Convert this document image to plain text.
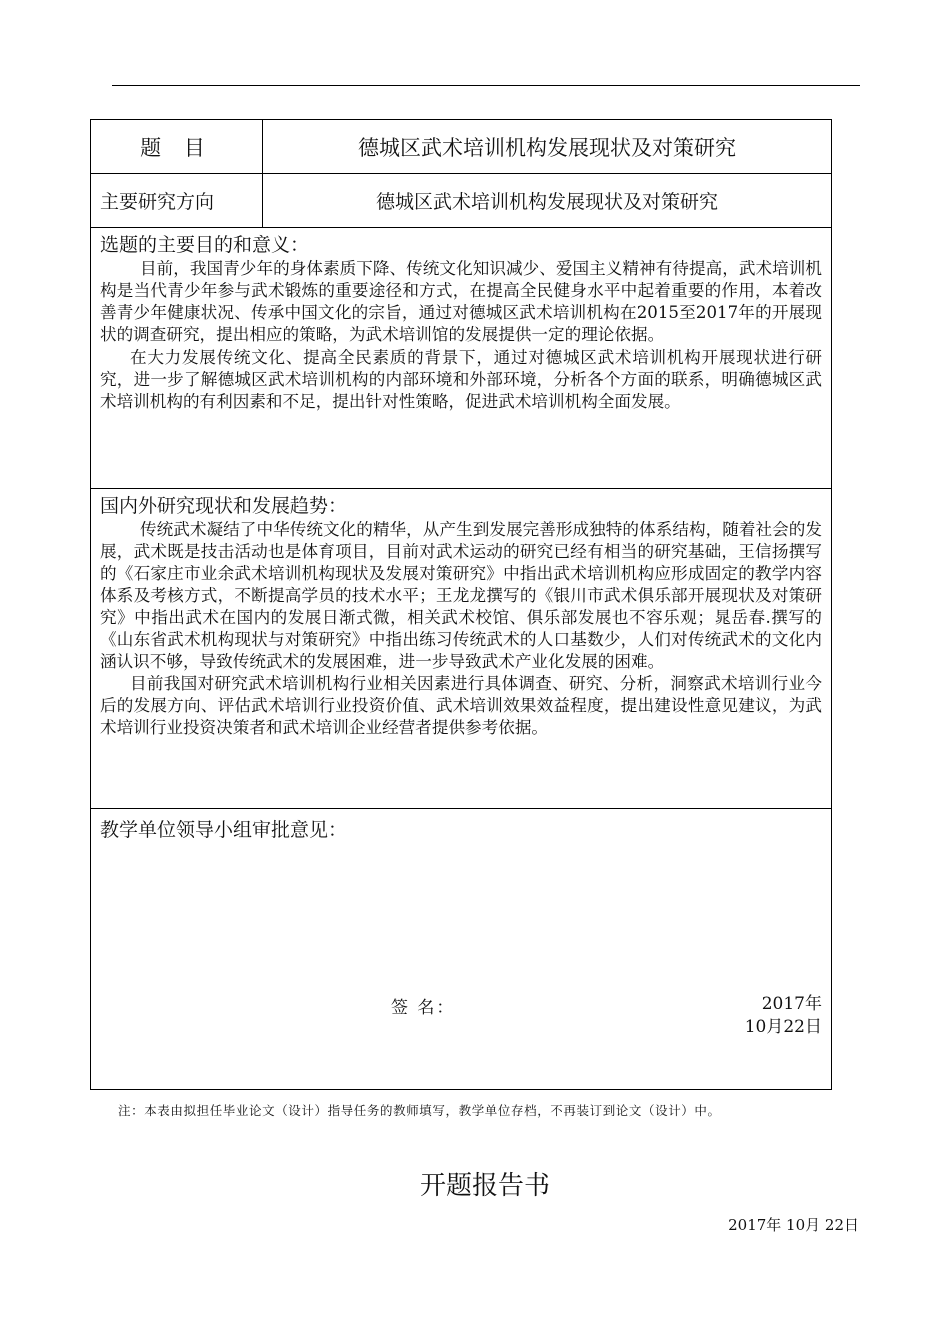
题 目	德城区武术培训机构发展现状及对策研究
主要研究方向	德城区武术培训机构发展现状及对策研究
选题的主要目的和意义：

目前，我国青少年的身体素质下降、传统文化知识减少、爱国主义精神有待提高，武术培训机构是当代青少年参与武术锻炼的重要途径和方式，在提高全民健身水平中起着重要的作用，本着改善青少年健康状况、传承中国文化的宗旨，通过对德城区武术培训机构在2015至2017年的开展现状的调查研究，提出相应的策略，为武术培训馆的发展提供一定的理论依据。

在大力发展传统文化、提高全民素质的背景下，通过对德城区武术培训机构开展现状进行研究，进一步了解德城区武术培训机构的内部环境和外部环境，分析各个方面的联系，明确德城区武术培训机构的有利因素和不足，提出针对性策略，促进武术培训机构全面发展。

国内外研究现状和发展趋势：

传统武术凝结了中华传统文化的精华，从产生到发展完善形成独特的体系结构，随着社会的发展，武术既是技击活动也是体育项目，目前对武术运动的研究已经有相当的研究基础，王信扬撰写的《石家庄市业余武术培训机构现状及发展对策研究》中指出武术培训机构应形成固定的教学内容体系及考核方式，不断提高学员的技术水平；王龙龙撰写的《银川市武术俱乐部开展现状及对策研究》中指出武术在国内的发展日渐式微，相关武术校馆、俱乐部发展也不容乐观；晁岳春.撰写的《山东省武术机构现状与对策研究》中指出练习传统武术的人口基数少，人们对传统武术的文化内涵认识不够，导致传统武术的发展困难，进一步导致武术产业化发展的困难。

目前我国对研究武术培训机构行业相关因素进行具体调查、研究、分析，洞察武术培训行业今后的发展方向、评估武术培训行业投资价值、武术培训效果效益程度，提出建设性意见建议，为武术培训行业投资决策者和武术培训企业经营者提供参考依据。

教学单位领导小组审批意见：
签 名：	2017年
10月22日
注：本表由拟担任毕业论文（设计）指导任务的教师填写，教学单位存档，不再装订到论文（设计）中。
开题报告书
2017年 10月 22日
